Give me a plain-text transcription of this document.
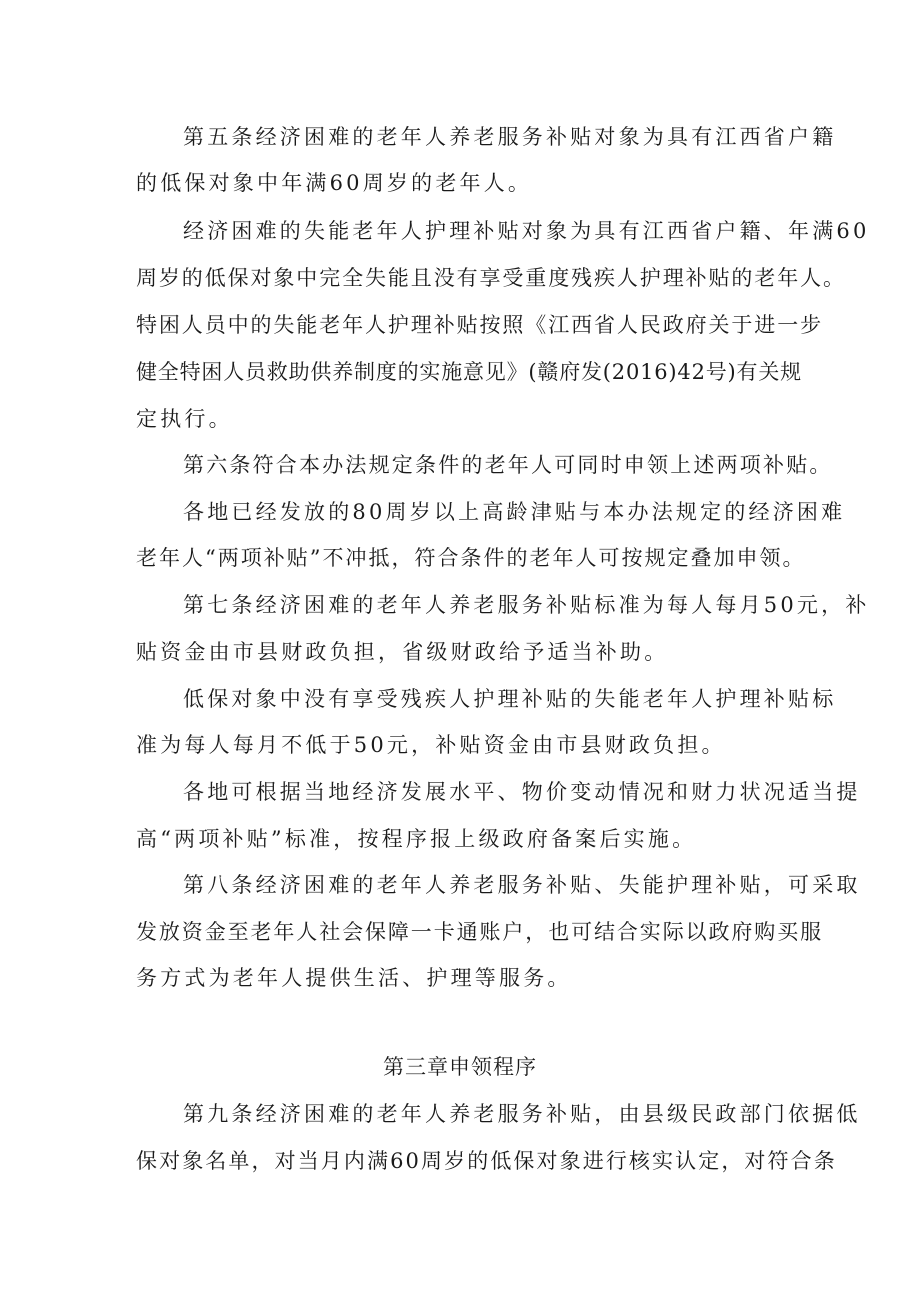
第五条经济困难的老年人养老服务补贴对象为具有江西省户籍
的低保对象中年满60周岁的老年人。
经济困难的失能老年人护理补贴对象为具有江西省户籍、年满60
周岁的低保对象中完全失能且没有享受重度残疾人护理补贴的老年人。
特困人员中的失能老年人护理补贴按照《江西省人民政府关于进一步
健全特困人员救助供养制度的实施意见》(赣府发(2016)42号)有关规
定执行。
第六条符合本办法规定条件的老年人可同时申领上述两项补贴。
各地已经发放的80周岁以上高龄津贴与本办法规定的经济困难
老年人“两项补贴”不冲抵，符合条件的老年人可按规定叠加申领。
第七条经济困难的老年人养老服务补贴标准为每人每月50元，补
贴资金由市县财政负担，省级财政给予适当补助。
低保对象中没有享受残疾人护理补贴的失能老年人护理补贴标
准为每人每月不低于50元，补贴资金由市县财政负担。
各地可根据当地经济发展水平、物价变动情况和财力状况适当提
高“两项补贴”标准，按程序报上级政府备案后实施。
第八条经济困难的老年人养老服务补贴、失能护理补贴，可采取
发放资金至老年人社会保障一卡通账户，也可结合实际以政府购买服
务方式为老年人提供生活、护理等服务。
第三章申领程序
第九条经济困难的老年人养老服务补贴，由县级民政部门依据低
保对象名单，对当月内满60周岁的低保对象进行核实认定，对符合条
